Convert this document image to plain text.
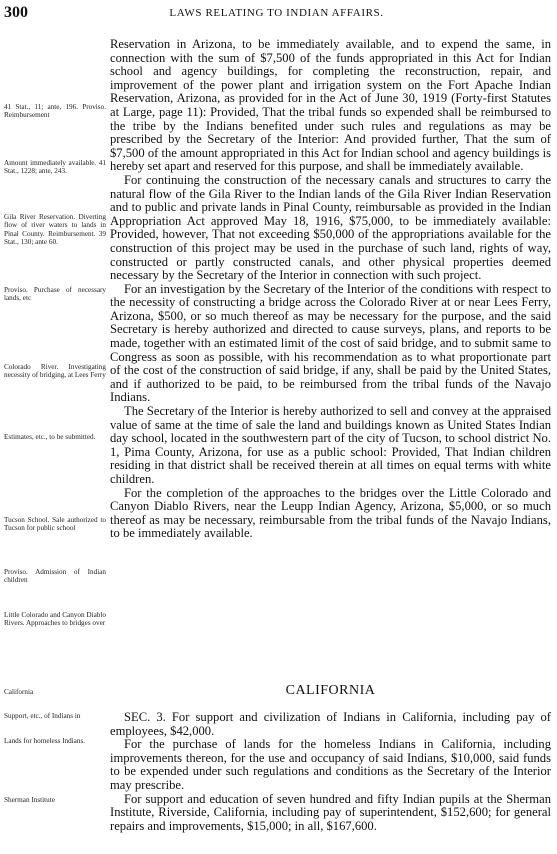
300	LAWS RELATING TO INDIAN AFFAIRS.
41 Stat., 11; ante, 196. Proviso. Reimbursement
Amount immediately available. 41 Stat., 1228; ante, 243.
Gila River Reservation. Diverting flow of river waters to lands in Pinal County. Reimbursement. 39 Stat., 130; ante 60.
Proviso. Purchase of necessary lands, etc
Colorado River. Investigating necessity of bridging, at Lees Ferry
Estimates, etc., to be submitted.
Tucson School. Sale authorized to Tucson for public school
Proviso. Admission of Indian children
Little Colorado and Canyon Diablo Rivers. Approaches to bridges over
California
Support, etc., of Indians in
Lands for homeless Indians.
Sherman Institute

Reservation in Arizona, to be immediately available, and to expend the same, in connection with the sum of $7,500 of the funds appropriated in this Act for Indian school and agency buildings, for completing the reconstruction, repair, and improvement of the power plant and irrigation system on the Fort Apache Indian Reservation, Arizona, as provided for in the Act of June 30, 1919 (Forty-first Statutes at Large, page 11): Provided, That the tribal funds so expended shall be reimbursed to the tribe by the Indians benefited under such rules and regulations as may be prescribed by the Secretary of the Interior: And provided further, That the sum of $7,500 of the amount appropriated in this Act for Indian school and agency buildings is hereby set apart and reserved for this purpose, and shall be immediately available.

For continuing the construction of the necessary canals and structures to carry the natural flow of the Gila River to the Indian lands of the Gila River Indian Reservation and to public and private lands in Pinal County, reimbursable as provided in the Indian Appropriation Act approved May 18, 1916, $75,000, to be immediately available: Provided, however, That not exceeding $50,000 of the appropriations available for the construction of this project may be used in the purchase of such land, rights of way, constructed or partly constructed canals, and other physical properties deemed necessary by the Secretary of the Interior in connection with such project.

For an investigation by the Secretary of the Interior of the conditions with respect to the necessity of constructing a bridge across the Colorado River at or near Lees Ferry, Arizona, $500, or so much thereof as may be necessary for the purpose, and the said Secretary is hereby authorized and directed to cause surveys, plans, and reports to be made, together with an estimated limit of the cost of said bridge, and to submit same to Congress as soon as possible, with his recommendation as to what proportionate part of the cost of the construction of said bridge, if any, shall be paid by the United States, and if authorized to be paid, to be reimbursed from the tribal funds of the Navajo Indians.

The Secretary of the Interior is hereby authorized to sell and convey at the appraised value of same at the time of sale the land and buildings known as United States Indian day school, located in the southwestern part of the city of Tucson, to school district No. 1, Pima County, Arizona, for use as a public school: Provided, That Indian children residing in that district shall be received therein at all times on equal terms with white children.

For the completion of the approaches to the bridges over the Little Colorado and Canyon Diablo Rivers, near the Leupp Indian Agency, Arizona, $5,000, or so much thereof as may be necessary, reimbursable from the tribal funds of the Navajo Indians, to be immediately available.

CALIFORNIA

SEC. 3. For support and civilization of Indians in California, including pay of employees, $42,000.

For the purchase of lands for the homeless Indians in California, including improvements thereon, for the use and occupancy of said Indians, $10,000, said funds to be expended under such regulations and conditions as the Secretary of the Interior may prescribe.

For support and education of seven hundred and fifty Indian pupils at the Sherman Institute, Riverside, California, including pay of superintendent, $152,600; for general repairs and improvements, $15,000; in all, $167,600.
